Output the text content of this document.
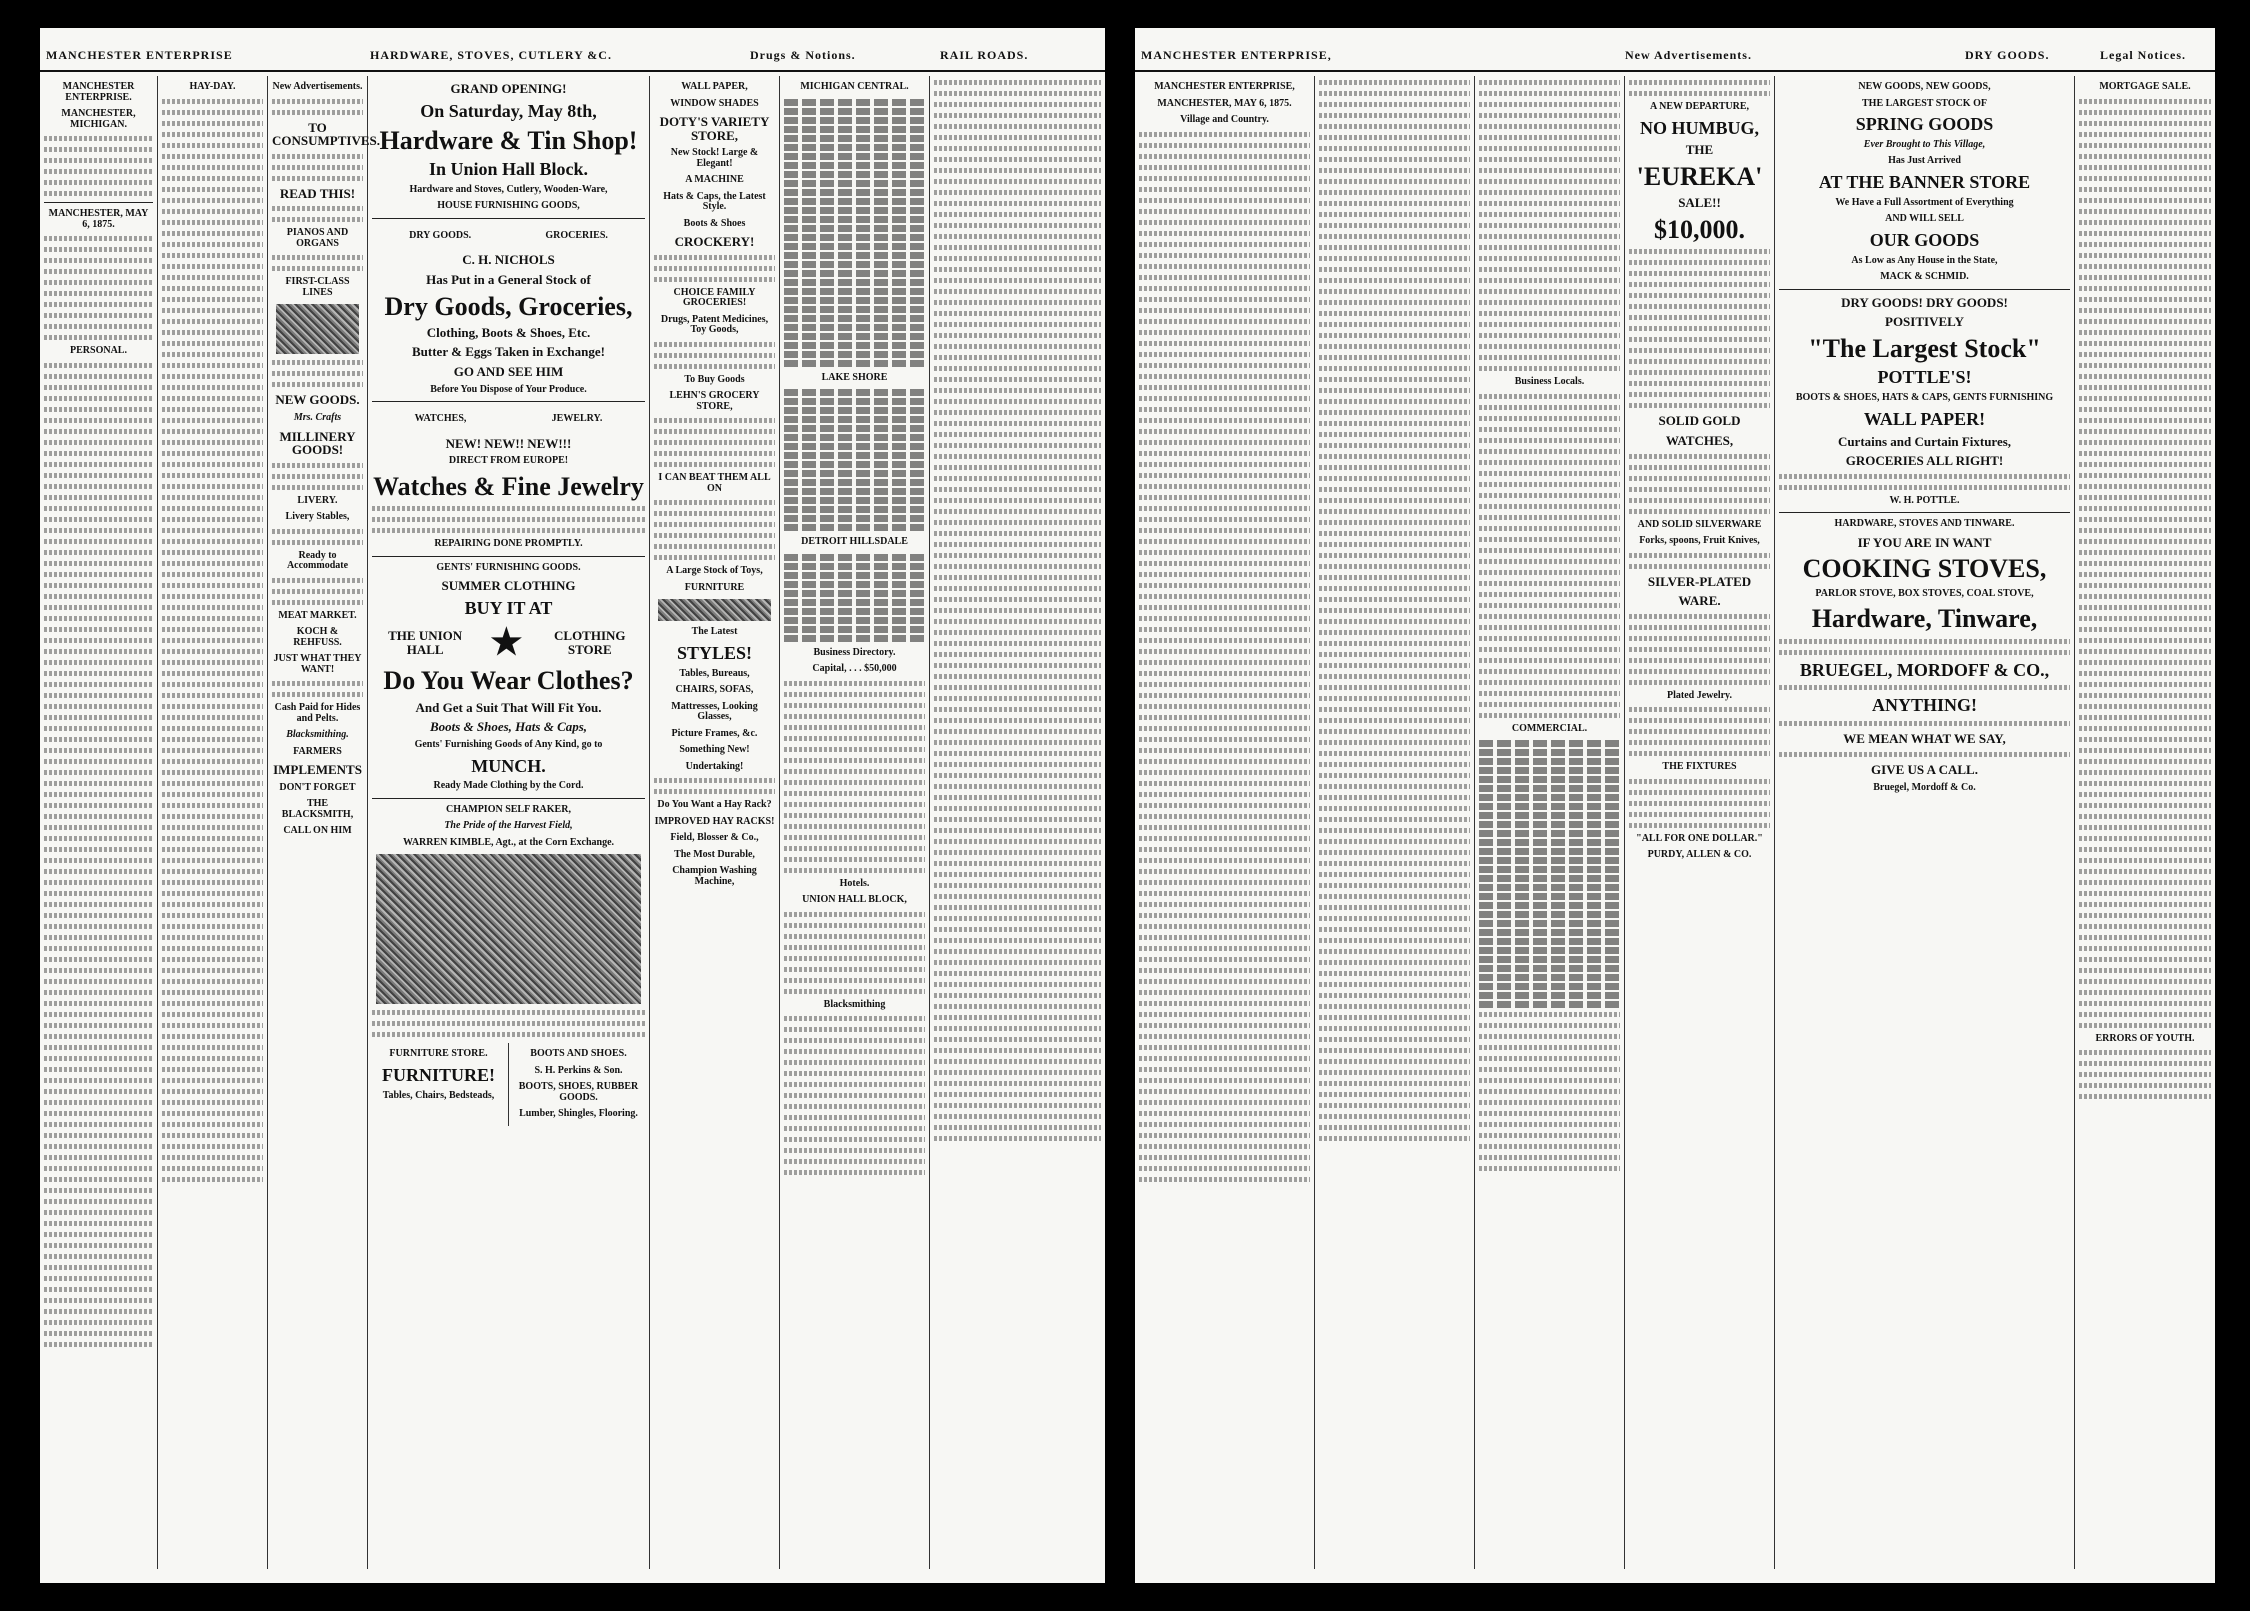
MANCHESTER ENTERPRISE	HARDWARE, STOVES, CUTLERY &C.	Drugs & Notions.	RAIL ROADS.
MANCHESTER ENTERPRISE.
MANCHESTER, MICHIGAN.
MANCHESTER, MAY 6, 1875.
PERSONAL.
HAY-DAY.	New Advertisements.
TO CONSUMPTIVES.
READ THIS!
PIANOS AND ORGANS
FIRST-CLASS LINES
NEW GOODS.
Mrs. Crafts
MILLINERY GOODS!
LIVERY.
Livery Stables,
Ready to Accommodate
MEAT MARKET.
KOCH & REHFUSS.
JUST WHAT THEY WANT!
Cash Paid for Hides and Pelts.
Blacksmithing.
FARMERS
IMPLEMENTS
DON'T FORGET
THE BLACKSMITH,
CALL ON HIM
GRAND OPENING!
On Saturday, May 8th,
Hardware & Tin Shop!
In Union Hall Block.
Hardware and Stoves, Cutlery, Wooden-Ware,
HOUSE FURNISHING GOODS,
DRY GOODS.	GROCERIES.
C. H. NICHOLS
Has Put in a General Stock of
Dry Goods, Groceries,
Clothing, Boots & Shoes, Etc.
Butter & Eggs Taken in Exchange!
GO AND SEE HIM
Before You Dispose of Your Produce.
WATCHES,	JEWELRY.
NEW! NEW!! NEW!!!
DIRECT FROM EUROPE!
Watches & Fine Jewelry
REPAIRING DONE PROMPTLY.
GENTS' FURNISHING GOODS.
SUMMER CLOTHING
BUY IT AT
THE UNION HALL	★	CLOTHING STORE
Do You Wear Clothes?
And Get a Suit That Will Fit You.
Boots & Shoes, Hats & Caps,
Gents' Furnishing Goods of Any Kind, go to
MUNCH.
Ready Made Clothing by the Cord.
CHAMPION SELF RAKER,
The Pride of the Harvest Field,
WARREN KIMBLE, Agt., at the Corn Exchange.
FURNITURE STORE.
FURNITURE!
Tables, Chairs, Bedsteads,
BOOTS AND SHOES.
S. H. Perkins & Son.
BOOTS, SHOES, RUBBER GOODS.
Lumber, Shingles, Flooring.
WALL PAPER,
WINDOW SHADES
DOTY'S VARIETY STORE,
New Stock! Large & Elegant!
A MACHINE
Hats & Caps, the Latest Style.
Boots & Shoes
CROCKERY!
CHOICE FAMILY GROCERIES!
Drugs, Patent Medicines, Toy Goods,
To Buy Goods
LEHN'S GROCERY STORE,
I CAN BEAT THEM ALL ON
A Large Stock of Toys,
FURNITURE
The Latest
STYLES!
Tables, Bureaus,
CHAIRS, SOFAS,
Mattresses, Looking Glasses,
Picture Frames, &c.
Something New!
Undertaking!
Do You Want a Hay Rack?
IMPROVED HAY RACKS!
Field, Blosser & Co.,
The Most Durable,
Champion Washing Machine,
MICHIGAN CENTRAL.
LAKE SHORE
DETROIT HILLSDALE
Business Directory.
Capital, . . . $50,000
Hotels.
UNION HALL BLOCK,
Blacksmithing
MANCHESTER ENTERPRISE,	New Advertisements.	DRY GOODS.	Legal Notices.
MANCHESTER ENTERPRISE,
MANCHESTER, MAY 6, 1875.
Village and Country.
Business Locals.
COMMERCIAL.
A NEW DEPARTURE,
NO HUMBUG,
THE
'EUREKA'
SALE!!
$10,000.
SOLID GOLD
WATCHES,
AND SOLID SILVERWARE
Forks, spoons, Fruit Knives,
SILVER-PLATED
WARE.
Plated Jewelry.
THE FIXTURES
"ALL FOR ONE DOLLAR."
PURDY, ALLEN & CO.
NEW GOODS, NEW GOODS,
THE LARGEST STOCK OF
SPRING GOODS
Ever Brought to This Village,
Has Just Arrived
AT THE BANNER STORE
We Have a Full Assortment of Everything
AND WILL SELL
OUR GOODS
As Low as Any House in the State,
MACK & SCHMID.
DRY GOODS! DRY GOODS!
POSITIVELY
"The Largest Stock"
POTTLE'S!
BOOTS & SHOES, HATS & CAPS, GENTS FURNISHING
WALL PAPER!
Curtains and Curtain Fixtures,
GROCERIES ALL RIGHT!
W. H. POTTLE.
HARDWARE, STOVES AND TINWARE.
IF YOU ARE IN WANT
COOKING STOVES,
PARLOR STOVE, BOX STOVES, COAL STOVE,
Hardware, Tinware,
BRUEGEL, MORDOFF & CO.,
ANYTHING!
WE MEAN WHAT WE SAY,
GIVE US A CALL.
Bruegel, Mordoff & Co.
MORTGAGE SALE.
ERRORS OF YOUTH.
